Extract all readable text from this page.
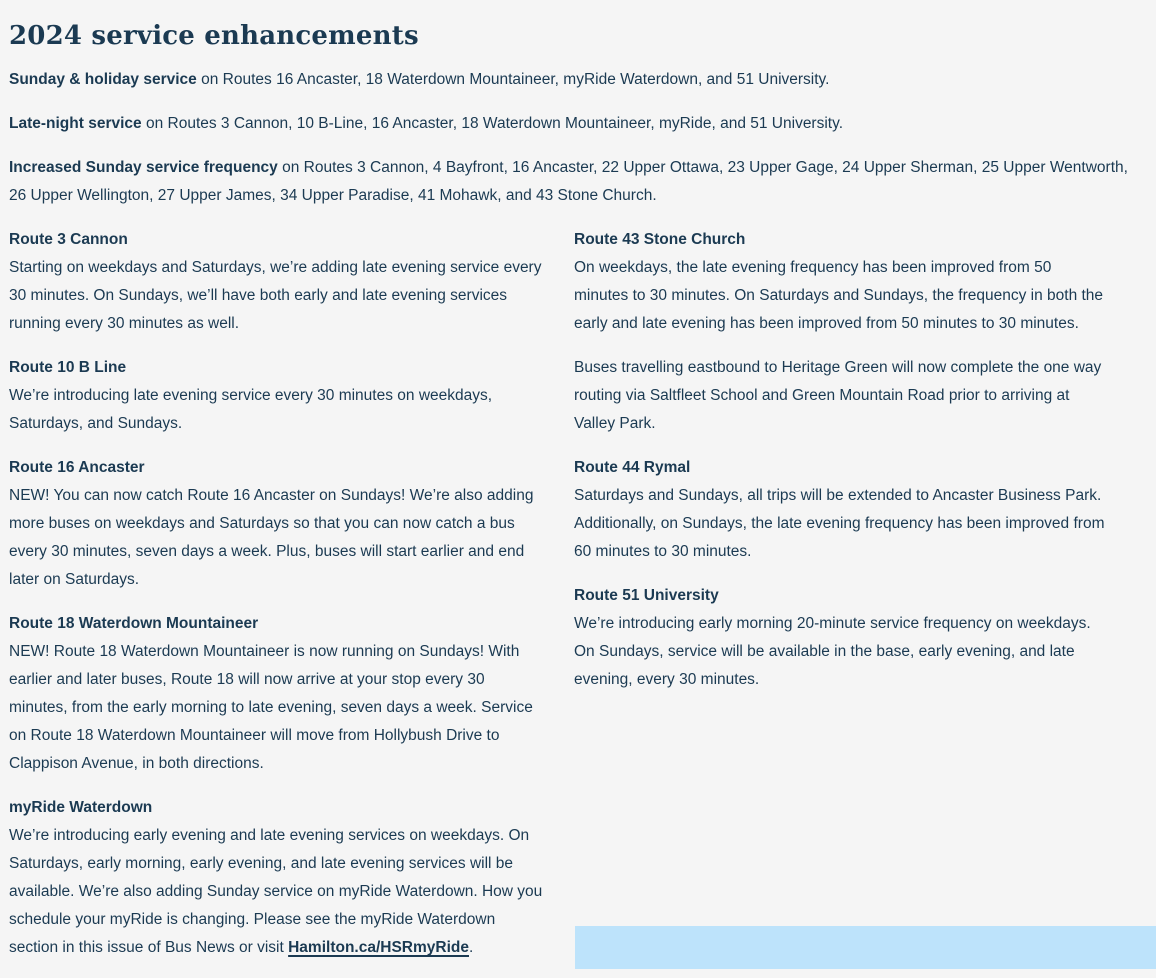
2024 service enhancements

Sunday & holiday service on Routes 16 Ancaster, 18 Waterdown Mountaineer, myRide Waterdown, and 51 University.

Late-night service on Routes 3 Cannon, 10 B-Line, 16 Ancaster, 18 Waterdown Mountaineer, myRide, and 51 University.

Increased Sunday service frequency on Routes 3 Cannon, 4 Bayfront, 16 Ancaster, 22 Upper Ottawa, 23 Upper Gage, 24 Upper Sherman, 25 Upper Wentworth, 26 Upper Wellington, 27 Upper James, 34 Upper Paradise, 41 Mohawk, and 43 Stone Church.

Route 3 Cannon

Starting on weekdays and Saturdays, we’re adding late evening service every 30 minutes. On Sundays, we’ll have both early and late evening services running every 30 minutes as well.

Route 10 B Line

We’re introducing late evening service every 30 minutes on weekdays, Saturdays, and Sundays.

Route 16 Ancaster

NEW! You can now catch Route 16 Ancaster on Sundays! We’re also adding more buses on weekdays and Saturdays so that you can now catch a bus every 30 minutes, seven days a week. Plus, buses will start earlier and end later on Saturdays.

Route 18 Waterdown Mountaineer

NEW! Route 18 Waterdown Mountaineer is now running on Sundays! With earlier and later buses, Route 18 will now arrive at your stop every 30 minutes, from the early morning to late evening, seven days a week. Service on Route 18 Waterdown Mountaineer will move from Hollybush Drive to Clappison Avenue, in both directions.

myRide Waterdown

We’re introducing early evening and late evening services on weekdays. On Saturdays, early morning, early evening, and late evening services will be available. We’re also adding Sunday service on myRide Waterdown. How you schedule your myRide is changing. Please see the myRide Waterdown section in this issue of Bus News or visit Hamilton.ca/HSRmyRide.

Route 43 Stone Church

On weekdays, the late evening frequency has been improved from 50 minutes to 30 minutes. On Saturdays and Sundays, the frequency in both the early and late evening has been improved from 50 minutes to 30 minutes.

Buses travelling eastbound to Heritage Green will now complete the one way routing via Saltfleet School and Green Mountain Road prior to arriving at Valley Park.

Route 44 Rymal

Saturdays and Sundays, all trips will be extended to Ancaster Business Park. Additionally, on Sundays, the late evening frequency has been improved from 60 minutes to 30 minutes.

Route 51 University

We’re introducing early morning 20-minute service frequency on weekdays. On Sundays, service will be available in the base, early evening, and late evening, every 30 minutes.
